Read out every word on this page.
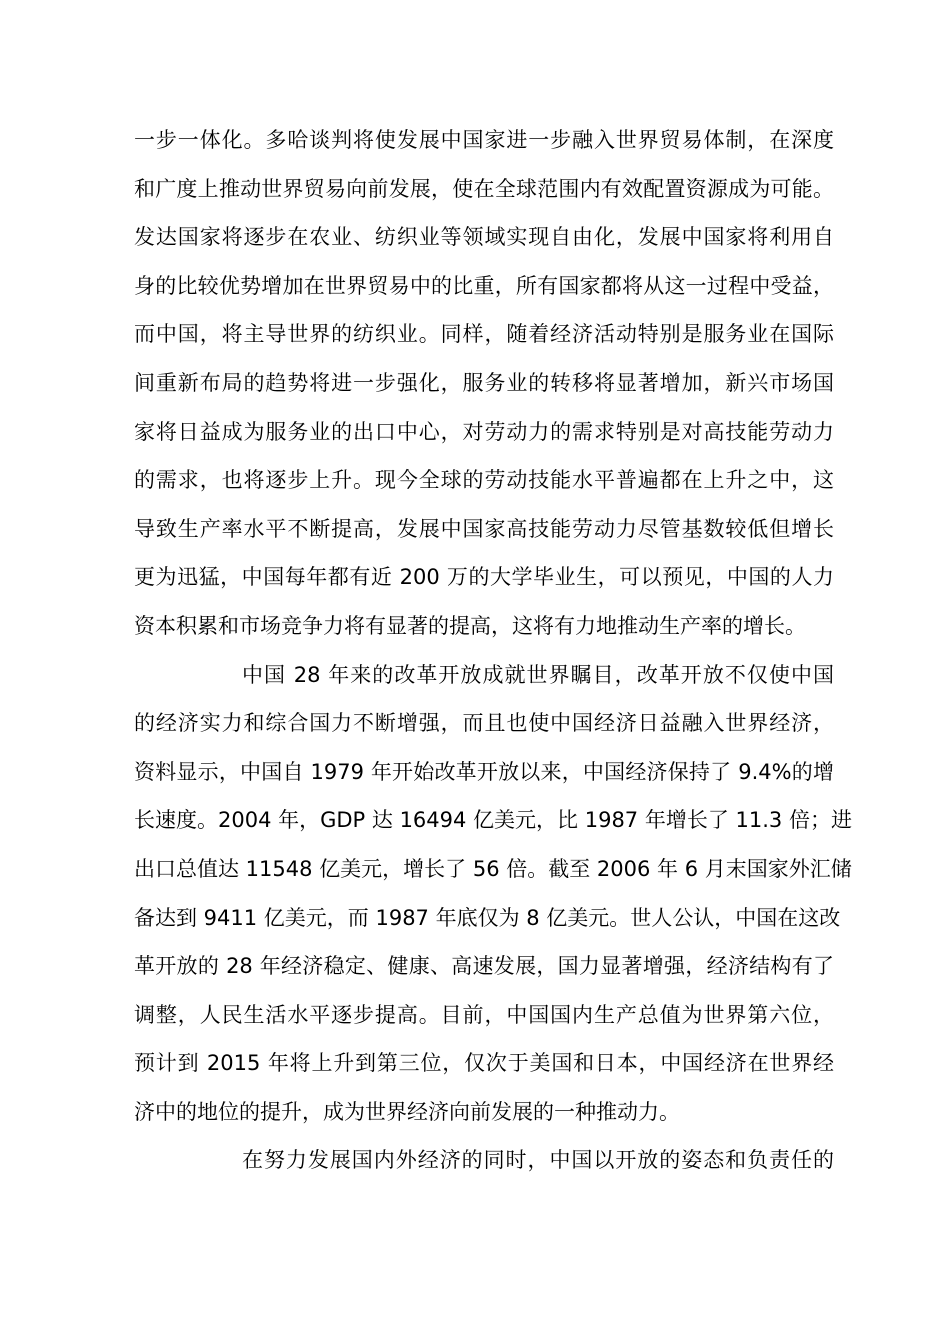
一步一体化。多哈谈判将使发展中国家进一步融入世界贸易体制，在深度
和广度上推动世界贸易向前发展，使在全球范围内有效配置资源成为可能。
发达国家将逐步在农业、纺织业等领域实现自由化，发展中国家将利用自
身的比较优势增加在世界贸易中的比重，所有国家都将从这一过程中受益，
而中国，将主导世界的纺织业。同样，随着经济活动特别是服务业在国际
间重新布局的趋势将进一步强化，服务业的转移将显著增加，新兴市场国
家将日益成为服务业的出口中心，对劳动力的需求特别是对高技能劳动力
的需求，也将逐步上升。现今全球的劳动技能水平普遍都在上升之中，这
导致生产率水平不断提高，发展中国家高技能劳动力尽管基数较低但增长
更为迅猛，中国每年都有近 200 万的大学毕业生，可以预见，中国的人力
资本积累和市场竞争力将有显著的提高，这将有力地推动生产率的增长。
中国 28 年来的改革开放成就世界瞩目，改革开放不仅使中国
的经济实力和综合国力不断增强，而且也使中国经济日益融入世界经济，
资料显示，中国自 1979 年开始改革开放以来，中国经济保持了 9.4%的增
长速度。2004 年，GDP 达 16494 亿美元，比 1987 年增长了 11.3 倍；进
出口总值达 11548 亿美元，增长了 56 倍。截至 2006 年 6 月末国家外汇储
备达到 9411 亿美元，而 1987 年底仅为 8 亿美元。世人公认，中国在这改
革开放的 28 年经济稳定、健康、高速发展，国力显著增强，经济结构有了
调整，人民生活水平逐步提高。目前，中国国内生产总值为世界第六位，
预计到 2015 年将上升到第三位，仅次于美国和日本，中国经济在世界经
济中的地位的提升，成为世界经济向前发展的一种推动力。
在努力发展国内外经济的同时，中国以开放的姿态和负责任的
